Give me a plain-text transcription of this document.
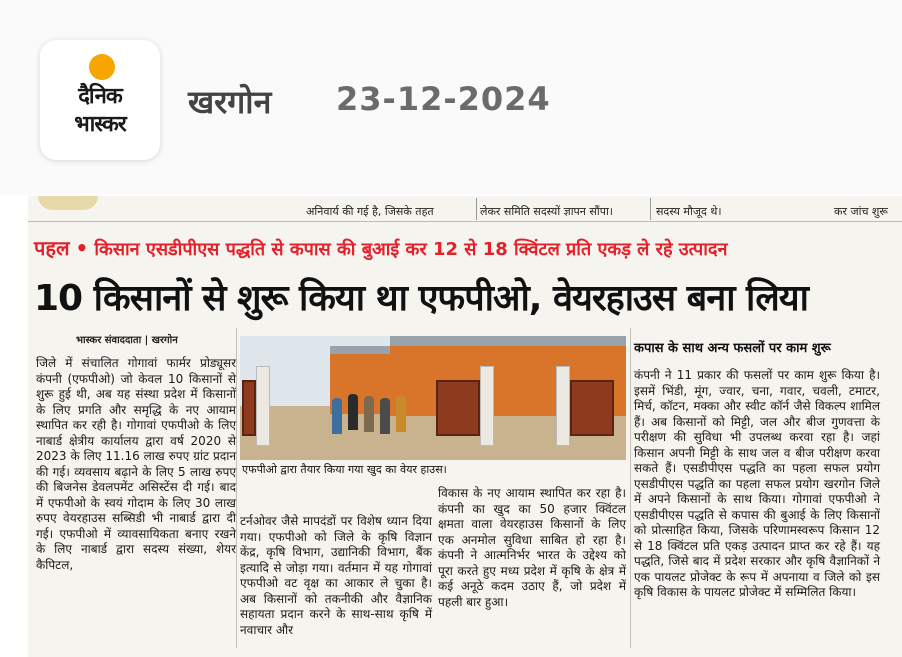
दैनिक
भास्कर
खरगोन 23-12-2024
अनिवार्य की गई है, जिसके तहत	लेकर समिति सदस्यों ज्ञापन सौंपा।	सदस्य मौजूद थे।	कर जांच शुरू
पहल • किसान एसडीपीएस पद्धति से कपास की बुआई कर 12 से 18 क्विंटल प्रति एकड़ ले रहे उत्पादन
10 किसानों से शुरू किया था एफपीओ, वेयरहाउस बना लिया
भास्कर संवाददाता | खरगोन

जिले में संचालित गोगावां फार्मर प्रोड्यूसर कंपनी (एफपीओ) जो केवल 10 किसानों से शुरू हुई थी, अब यह संस्था प्रदेश में किसानों के लिए प्रगति और समृद्धि के नए आयाम स्थापित कर रही है। गोगावां एफपीओ के लिए नाबार्ड क्षेत्रीय कार्यालय द्वारा वर्ष 2020 से 2023 के लिए 11.16 लाख रुपए ग्रांट प्रदान की गई। व्यवसाय बढ़ाने के लिए 5 लाख रुपए की बिजनेस डेवलपमेंट असिस्टेंस दी गई। बाद में एफपीओ के स्वयं गोदाम के लिए 30 लाख रुपए वेयरहाउस सब्सिडी भी नाबार्ड द्वारा दी गई। एफपीओ में व्यावसायिकता बनाए रखने के लिए नाबार्ड द्वारा सदस्य संख्या, शेयर कैपिटल,

एफपीओ द्वारा तैयार किया गया खुद का वेयर हाउस।

टर्नओवर जैसे मापदंडों पर विशेष ध्यान दिया गया। एफपीओ को जिले के कृषि विज्ञान केंद्र, कृषि विभाग, उद्यानिकी विभाग, बैंक इत्यादि से जोड़ा गया। वर्तमान में यह गोगावां एफपीओ वट वृक्ष का आकार ले चुका है। अब किसानों को तकनीकी और वैज्ञानिक सहायता प्रदान करने के साथ-साथ कृषि में नवाचार और

विकास के नए आयाम स्थापित कर रहा है। कंपनी का खुद का 50 हजार क्विंटल क्षमता वाला वेयरहाउस किसानों के लिए एक अनमोल सुविधा साबित हो रहा है। कंपनी ने आत्मनिर्भर भारत के उद्देश्य को पूरा करते हुए मध्य प्रदेश में कृषि के क्षेत्र में कई अनूठे कदम उठाए हैं, जो प्रदेश में पहली बार हुआ।

कपास के साथ अन्य फसलों पर काम शुरू

कंपनी ने 11 प्रकार की फसलों पर काम शुरू किया है। इसमें भिंडी, मूंग, ज्वार, चना, गवार, चवली, टमाटर, मिर्च, कॉटन, मक्का और स्वीट कॉर्न जैसे विकल्प शामिल हैं। अब किसानों को मिट्टी, जल और बीज गुणवत्ता के परीक्षण की सुविधा भी उपलब्ध करवा रहा है। जहां किसान अपनी मिट्टी के साथ जल व बीज परीक्षण करवा सकते हैं। एसडीपीएस पद्धति का पहला सफल प्रयोग एसडीपीएस पद्धति का पहला सफल प्रयोग खरगोन जिले में अपने किसानों के साथ किया। गोगावां एफपीओ ने एसडीपीएस पद्धति से कपास की बुआई के लिए किसानों को प्रोत्साहित किया, जिसके परिणामस्वरूप किसान 12 से 18 क्विंटल प्रति एकड़ उत्पादन प्राप्त कर रहे हैं। यह पद्धति, जिसे बाद में प्रदेश सरकार और कृषि वैज्ञानिकों ने एक पायलट प्रोजेक्ट के रूप में अपनाया व जिले को इस कृषि विकास के पायलट प्रोजेक्ट में सम्मिलित किया।
